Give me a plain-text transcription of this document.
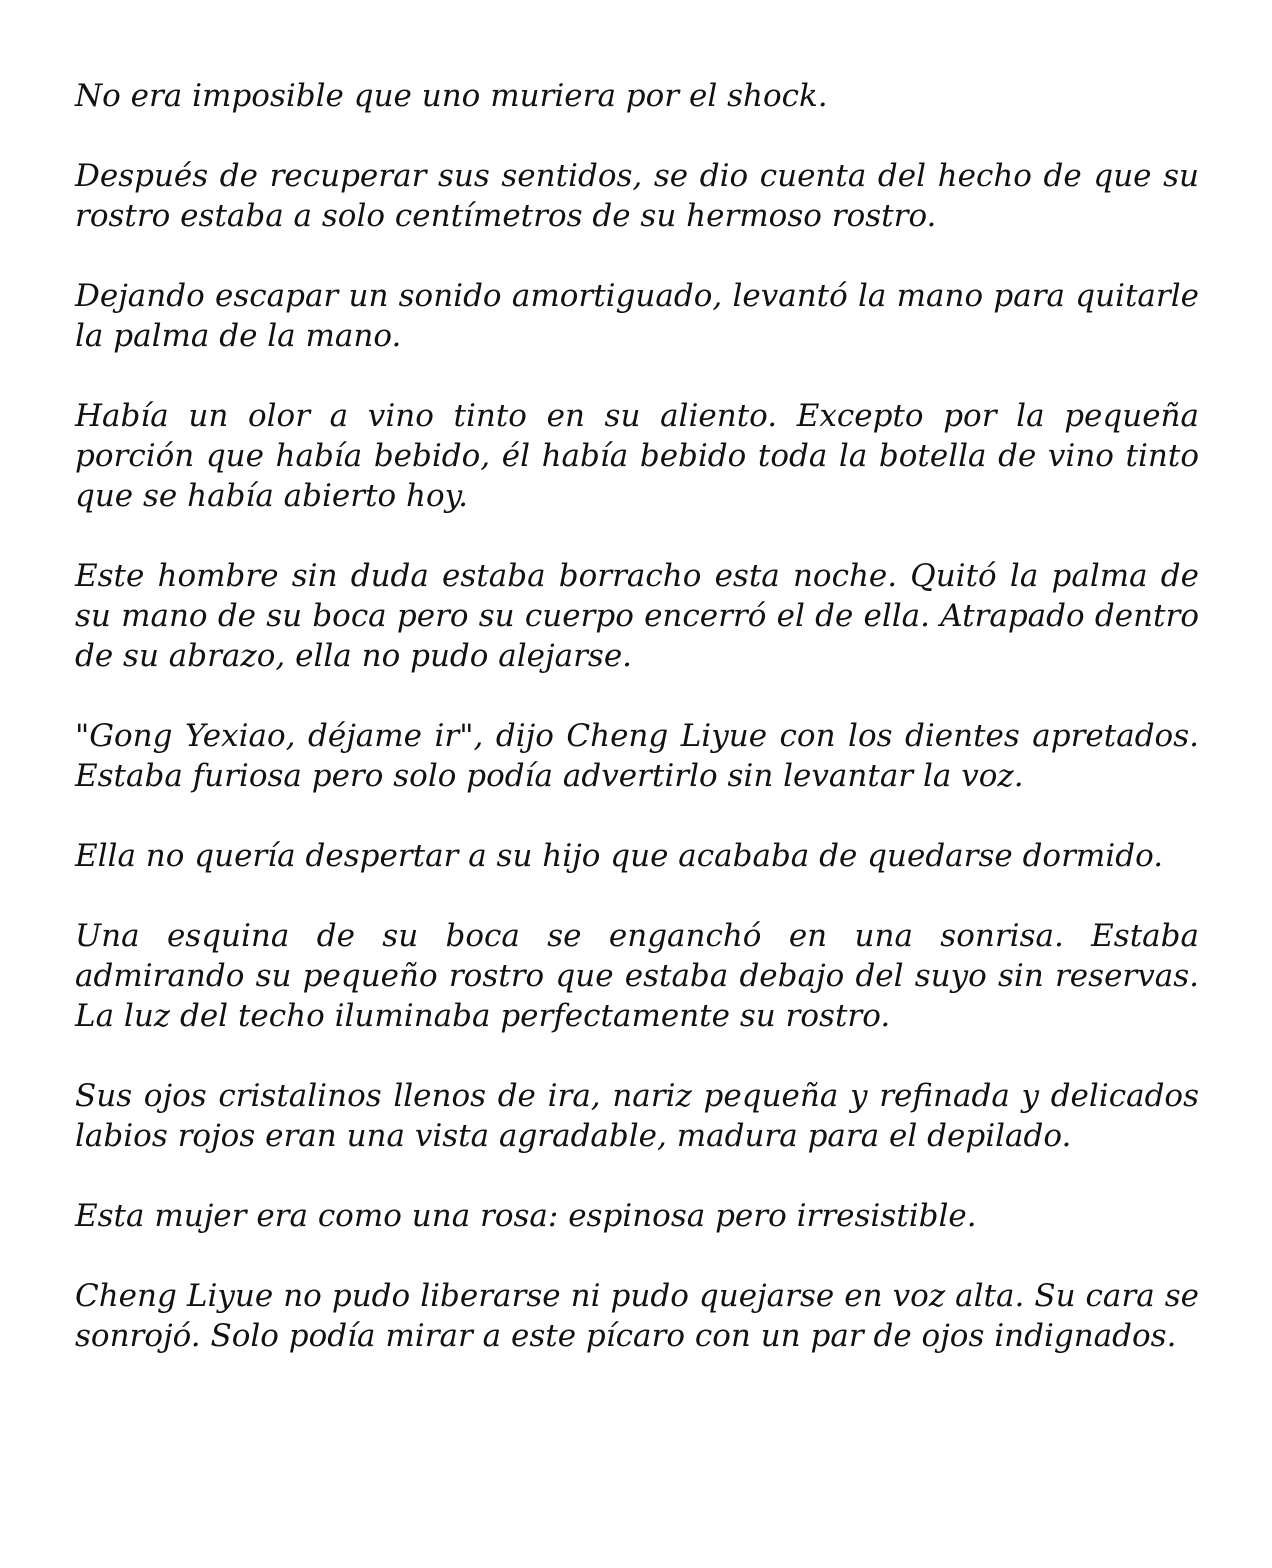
No era imposible que uno muriera por el shock.

Después de recuperar sus sentidos, se dio cuenta del hecho de que su rostro estaba a solo centímetros de su hermoso rostro.

Dejando escapar un sonido amortiguado, levantó la mano para quitarle la palma de la mano.

Había un olor a vino tinto en su aliento. Excepto por la pequeña porción que había bebido, él había bebido toda la botella de vino tinto que se había abierto hoy.

Este hombre sin duda estaba borracho esta noche. Quitó la palma de su mano de su boca pero su cuerpo encerró el de ella. Atrapado dentro de su abrazo, ella no pudo alejarse.

"Gong Yexiao, déjame ir", dijo Cheng Liyue con los dientes apretados. Estaba furiosa pero solo podía advertirlo sin levantar la voz.

Ella no quería despertar a su hijo que acababa de quedarse dormido.

Una esquina de su boca se enganchó en una sonrisa. Estaba admirando su pequeño rostro que estaba debajo del suyo sin reservas. La luz del techo iluminaba perfectamente su rostro.

Sus ojos cristalinos llenos de ira, nariz pequeña y refinada y delicados labios rojos eran una vista agradable, madura para el depilado.

Esta mujer era como una rosa: espinosa pero irresistible.

Cheng Liyue no pudo liberarse ni pudo quejarse en voz alta. Su cara se sonrojó. Solo podía mirar a este pícaro con un par de ojos indignados.
